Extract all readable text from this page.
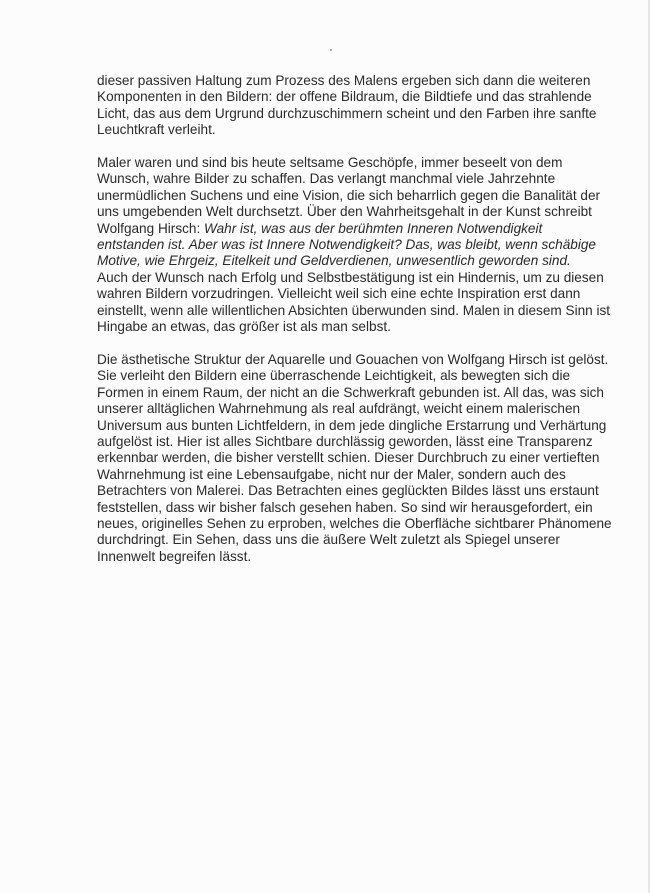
dieser passiven Haltung zum Prozess des Malens ergeben sich dann die weiteren
Komponenten in den Bildern: der offene Bildraum, die Bildtiefe und das strahlende
Licht, das aus dem Urgrund durchzuschimmern scheint und den Farben ihre sanfte
Leuchtkraft verleiht.

Maler waren und sind bis heute seltsame Geschöpfe, immer beseelt von dem
Wunsch, wahre Bilder zu schaffen. Das verlangt manchmal viele Jahrzehnte
unermüdlichen Suchens und eine Vision, die sich beharrlich gegen die Banalität der
uns umgebenden Welt durchsetzt. Über den Wahrheitsgehalt in der Kunst schreibt
Wolfgang Hirsch: Wahr ist, was aus der berühmten Inneren Notwendigkeit
entstanden ist. Aber was ist Innere Notwendigkeit? Das, was bleibt, wenn schäbige
Motive, wie Ehrgeiz, Eitelkeit und Geldverdienen, unwesentlich geworden sind.
Auch der Wunsch nach Erfolg und Selbstbestätigung ist ein Hindernis, um zu diesen
wahren Bildern vorzudringen. Vielleicht weil sich eine echte Inspiration erst dann
einstellt, wenn alle willentlichen Absichten überwunden sind. Malen in diesem Sinn ist
Hingabe an etwas, das größer ist als man selbst.

Die ästhetische Struktur der Aquarelle und Gouachen von Wolfgang Hirsch ist gelöst.
Sie verleiht den Bildern eine überraschende Leichtigkeit, als bewegten sich die
Formen in einem Raum, der nicht an die Schwerkraft gebunden ist. All das, was sich
unserer alltäglichen Wahrnehmung als real aufdrängt, weicht einem malerischen
Universum aus bunten Lichtfeldern, in dem jede dingliche Erstarrung und Verhärtung
aufgelöst ist. Hier ist alles Sichtbare durchlässig geworden, lässt eine Transparenz
erkennbar werden, die bisher verstellt schien. Dieser Durchbruch zu einer vertieften
Wahrnehmung ist eine Lebensaufgabe, nicht nur der Maler, sondern auch des
Betrachters von Malerei. Das Betrachten eines geglückten Bildes lässt uns erstaunt
feststellen, dass wir bisher falsch gesehen haben. So sind wir herausgefordert, ein
neues, originelles Sehen zu erproben, welches die Oberfläche sichtbarer Phänomene
durchdringt. Ein Sehen, dass uns die äußere Welt zuletzt als Spiegel unserer
Innenwelt begreifen lässt.
